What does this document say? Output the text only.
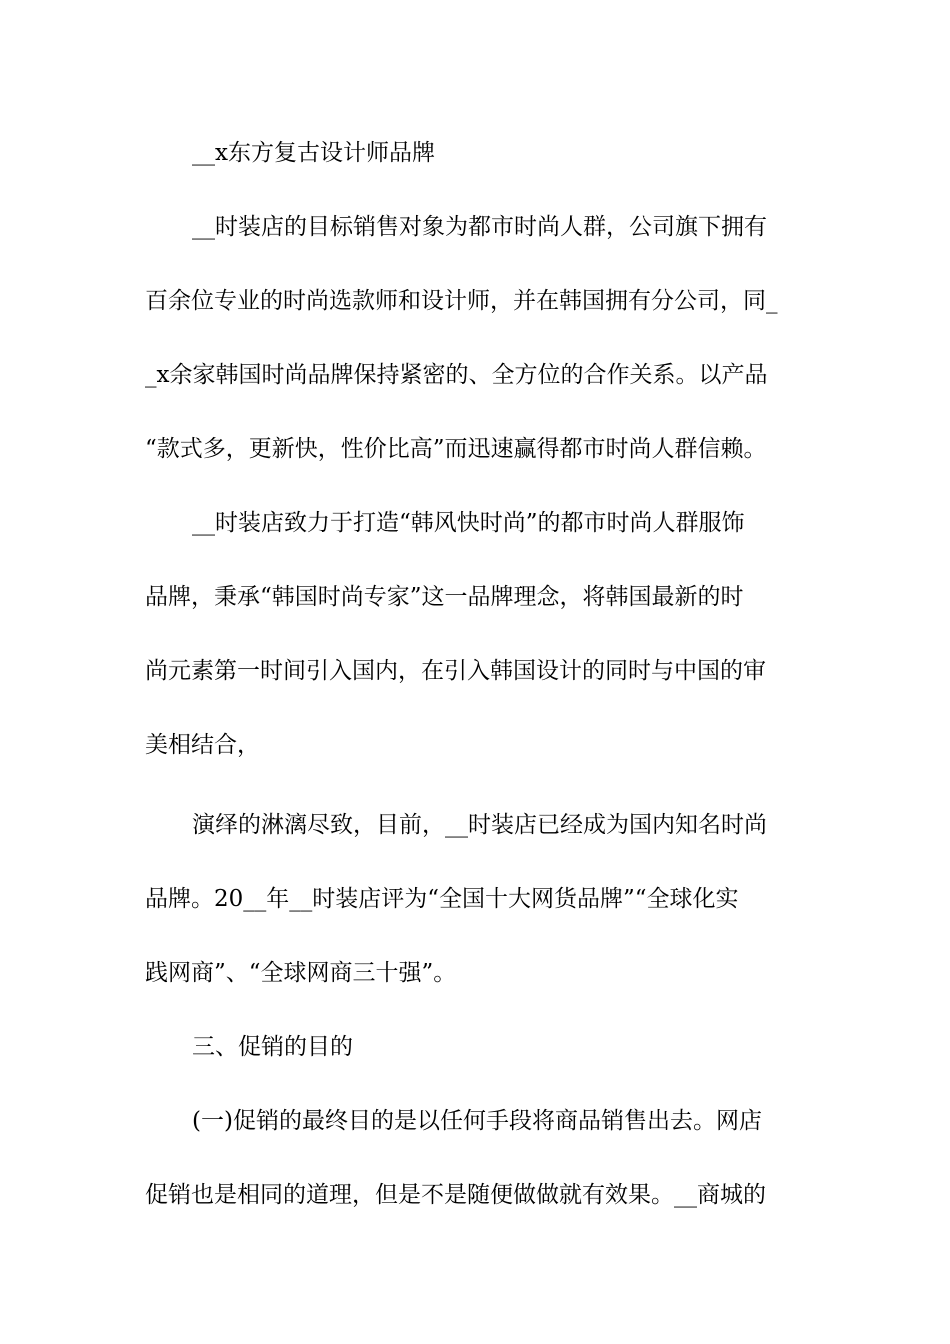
__x东方复古设计师品牌
__时装店的目标销售对象为都市时尚人群，公司旗下拥有
百余位专业的时尚选款师和设计师，并在韩国拥有分公司，同_
_x余家韩国时尚品牌保持紧密的、全方位的合作关系。以产品
“款式多，更新快，性价比高”而迅速赢得都市时尚人群信赖。
__时装店致力于打造“韩风快时尚”的都市时尚人群服饰
品牌，秉承“韩国时尚专家”这一品牌理念，将韩国最新的时
尚元素第一时间引入国内，在引入韩国设计的同时与中国的审
美相结合，
演绎的淋漓尽致，目前，__时装店已经成为国内知名时尚
品牌。20__年__时装店评为“全国十大网货品牌”“全球化实
践网商”、“全球网商三十强”。
三、促销的目的
(一)促销的最终目的是以任何手段将商品销售出去。网店
促销也是相同的道理，但是不是随便做做就有效果。__商城的
